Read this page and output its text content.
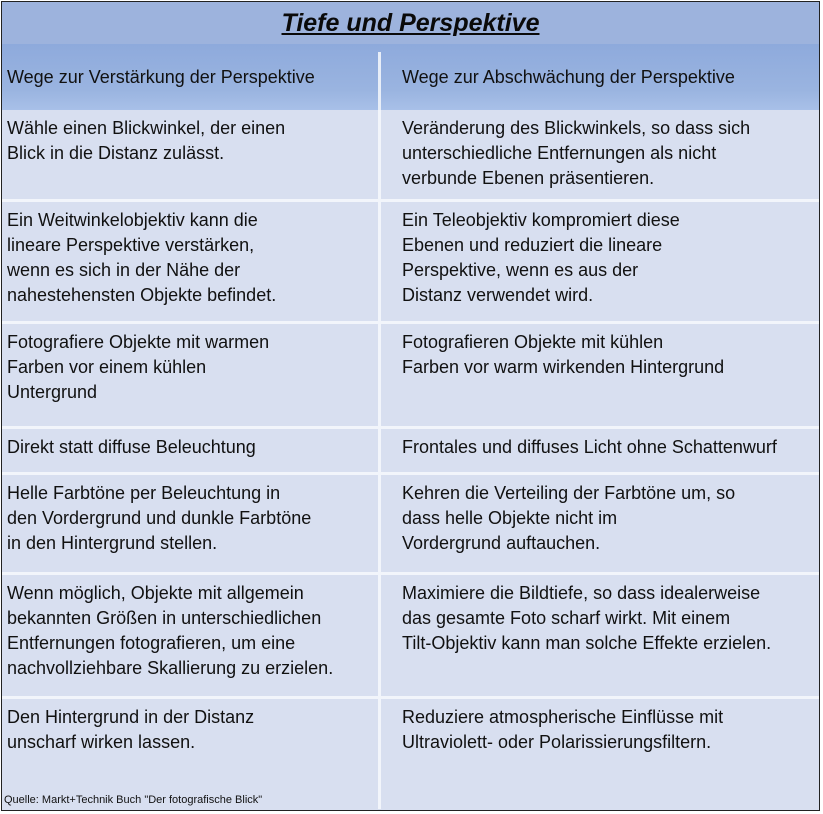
Tiefe und Perspektive
Wege zur Verstärkung der Perspektive	Wege zur Abschwächung der Perspektive
Wähle einen Blickwinkel, der einen
Blick in die Distanz zulässt.
Veränderung des Blickwinkels, so dass sich
unterschiedliche Entfernungen als nicht
verbunde Ebenen präsentieren.
Ein Weitwinkelobjektiv kann die
lineare Perspektive verstärken,
wenn es sich in der Nähe der
nahestehensten Objekte befindet.
Ein Teleobjektiv kompromiert diese
Ebenen und reduziert die lineare
Perspektive, wenn es aus der
Distanz verwendet wird.
Fotografiere Objekte mit warmen
Farben vor einem kühlen
Untergrund
Fotografieren Objekte mit kühlen
Farben vor warm wirkenden Hintergrund
Direkt statt diffuse Beleuchtung	Frontales und diffuses Licht ohne Schattenwurf
Helle Farbtöne per Beleuchtung in
den Vordergrund und dunkle Farbtöne
in den Hintergrund stellen.
Kehren die Verteiling der Farbtöne um, so
dass helle Objekte nicht im
Vordergrund auftauchen.
Wenn möglich, Objekte mit allgemein
bekannten Größen in unterschiedlichen
Entfernungen fotografieren, um eine
nachvollziehbare Skallierung zu erzielen.
Maximiere die Bildtiefe, so dass idealerweise
das gesamte Foto scharf wirkt. Mit einem
Tilt-Objektiv kann man solche Effekte erzielen.
Den Hintergrund in der Distanz
unscharf wirken lassen.
Reduziere atmospherische Einflüsse mit
Ultraviolett- oder Polarissierungsfiltern.
Quelle: Markt+Technik Buch "Der fotografische Blick"
